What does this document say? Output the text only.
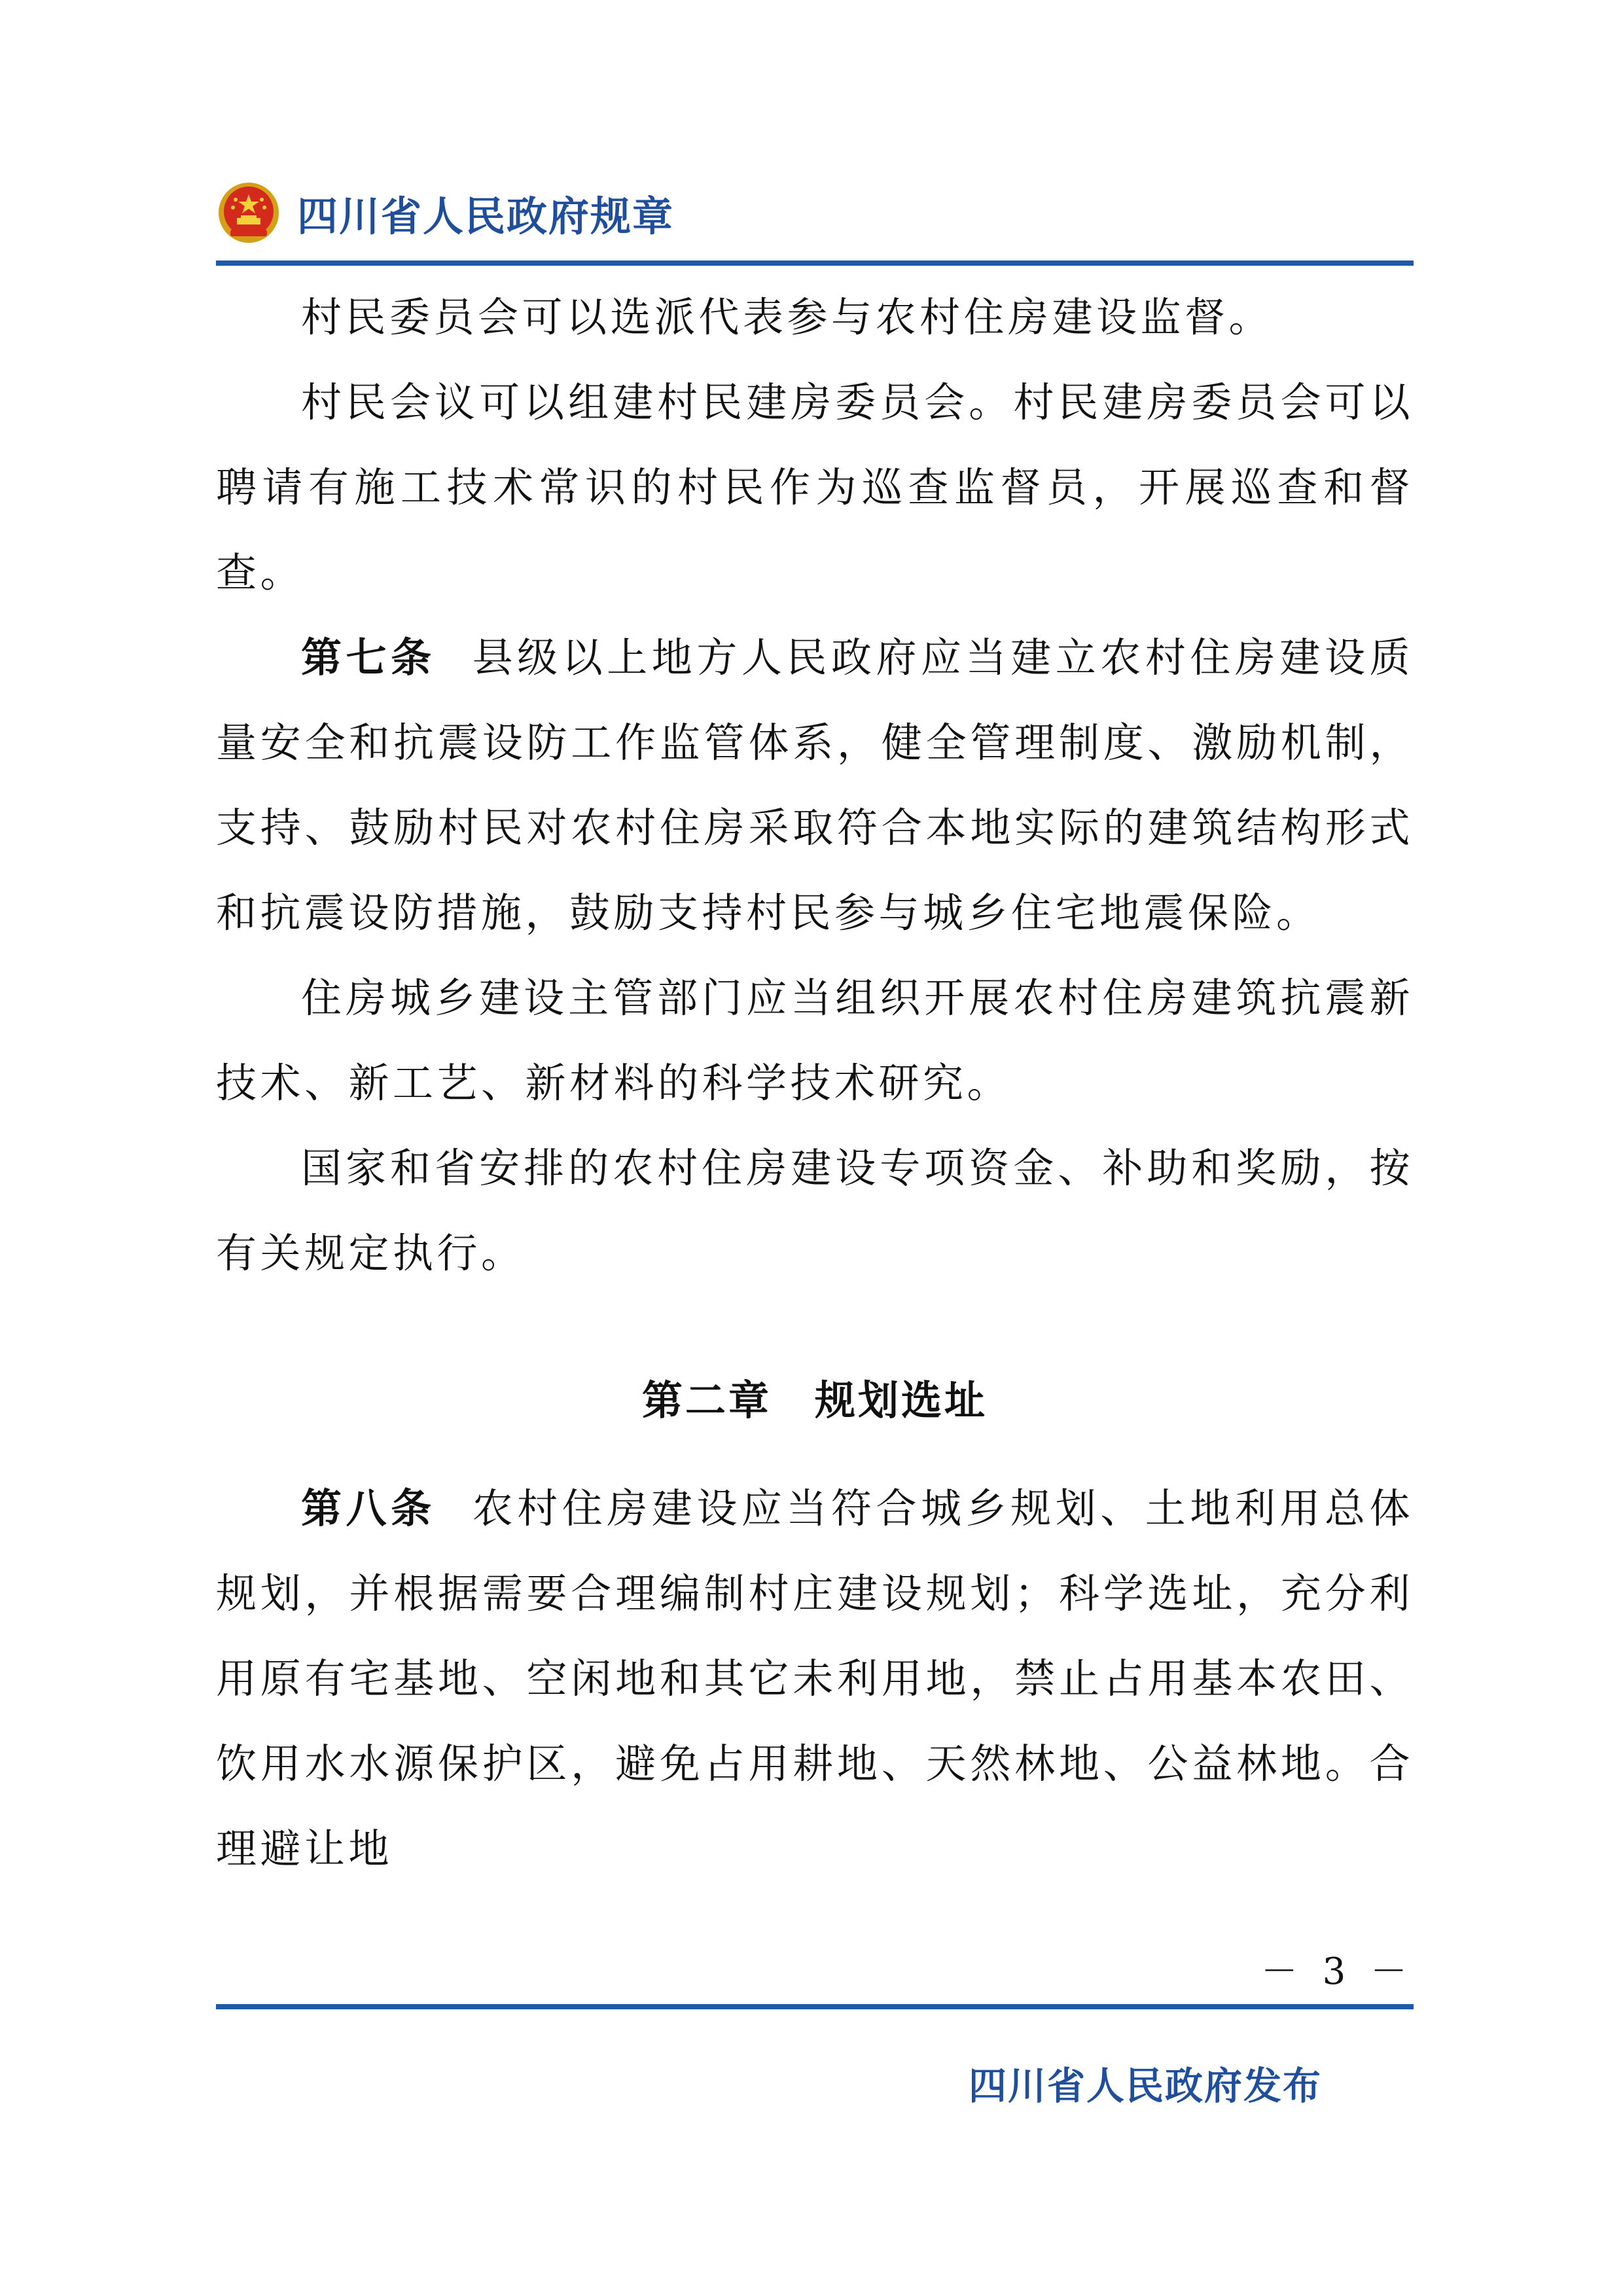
四川省人民政府规章

村民委员会可以选派代表参与农村住房建设监督。

村民会议可以组建村民建房委员会。村民建房委员会可以聘请有施工技术常识的村民作为巡查监督员，开展巡查和督查。

第七条 县级以上地方人民政府应当建立农村住房建设质量安全和抗震设防工作监管体系，健全管理制度、激励机制，支持、鼓励村民对农村住房采取符合本地实际的建筑结构形式和抗震设防措施，鼓励支持村民参与城乡住宅地震保险。

住房城乡建设主管部门应当组织开展农村住房建筑抗震新技术、新工艺、新材料的科学技术研究。

国家和省安排的农村住房建设专项资金、补助和奖励，按有关规定执行。

第二章　规划选址

第八条 农村住房建设应当符合城乡规划、土地利用总体规划，并根据需要合理编制村庄建设规划；科学选址，充分利用原有宅基地、空闲地和其它未利用地，禁止占用基本农田、饮用水水源保护区，避免占用耕地、天然林地、公益林地。合理避让地

－ 3 －
四川省人民政府发布
